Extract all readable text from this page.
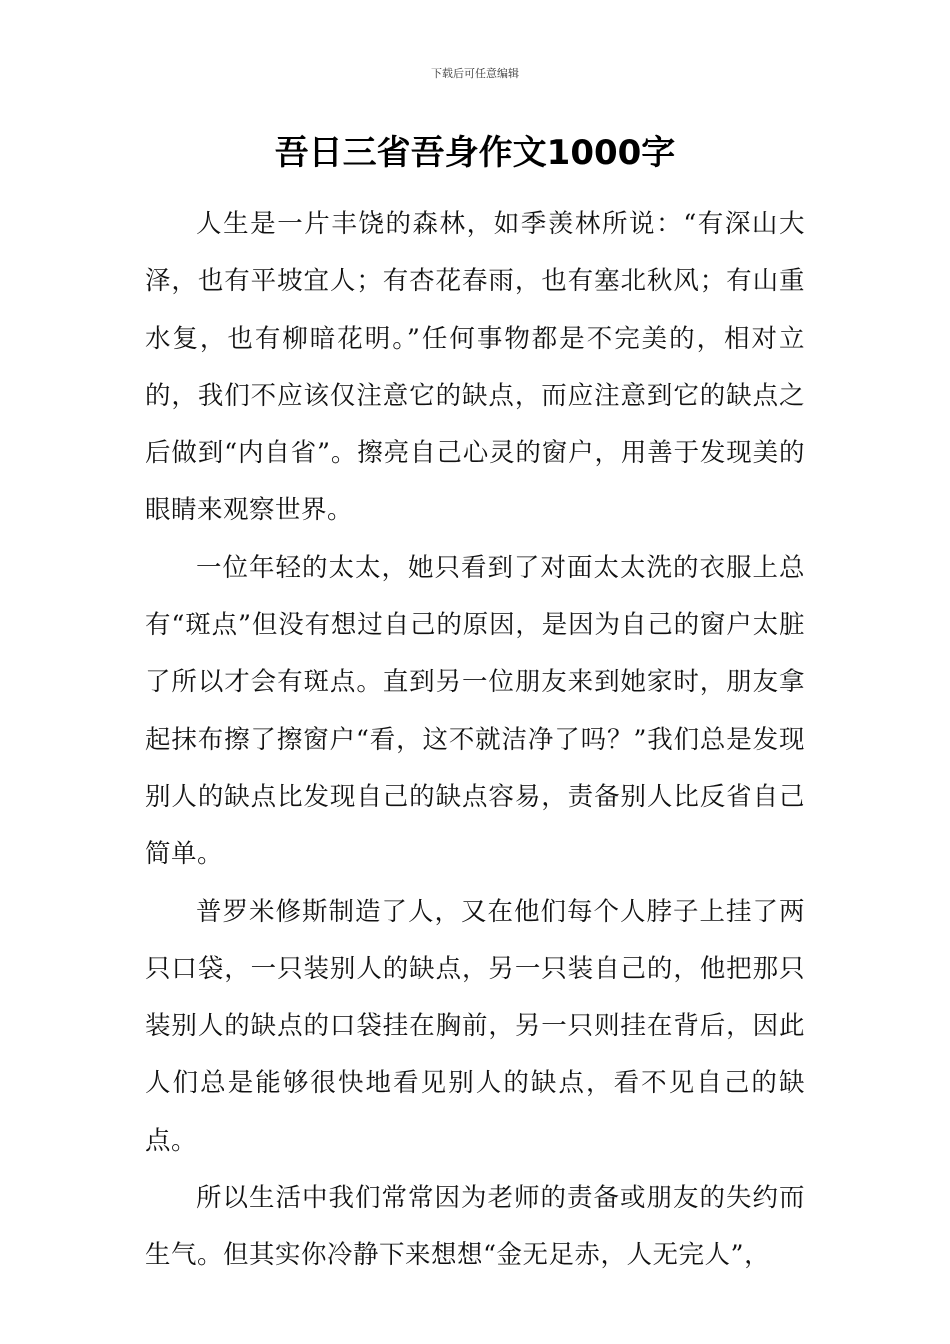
下载后可任意编辑
吾日三省吾身作文1000字

人生是一片丰饶的森林，如季羡林所说：“有深山大泽，也有平坡宜人；有杏花春雨，也有塞北秋风；有山重水复，也有柳暗花明。”任何事物都是不完美的，相对立的，我们不应该仅注意它的缺点，而应注意到它的缺点之后做到“内自省”。擦亮自己心灵的窗户，用善于发现美的眼睛来观察世界。

一位年轻的太太，她只看到了对面太太洗的衣服上总有“斑点”但没有想过自己的原因，是因为自己的窗户太脏了所以才会有斑点。直到另一位朋友来到她家时，朋友拿起抹布擦了擦窗户“看，这不就洁净了吗？”我们总是发现别人的缺点比发现自己的缺点容易，责备别人比反省自己简单。

普罗米修斯制造了人，又在他们每个人脖子上挂了两只口袋，一只装别人的缺点，另一只装自己的，他把那只装别人的缺点的口袋挂在胸前，另一只则挂在背后，因此人们总是能够很快地看见别人的缺点，看不见自己的缺点。

所以生活中我们常常因为老师的责备或朋友的失约而生气。但其实你冷静下来想想“金无足赤，人无完人”，
